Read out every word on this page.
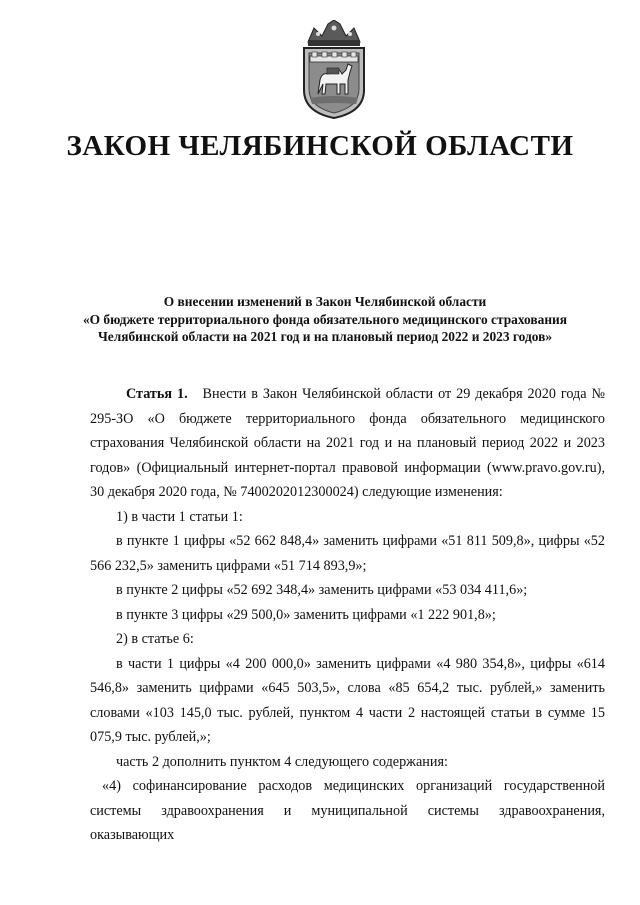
ЗАКОН ЧЕЛЯБИНСКОЙ ОБЛАСТИ
О внесении изменений в Закон Челябинской области
«О бюджете территориального фонда обязательного медицинского страхования
Челябинской области на 2021 год и на плановый период 2022 и 2023 годов»

Статья 1. Внести в Закон Челябинской области от 29 декабря 2020 года № 295-ЗО «О бюджете территориального фонда обязательного медицинского страхования Челябинской области на 2021 год и на плановый период 2022 и 2023 годов» (Официальный интернет-портал правовой информации (www.pravo.gov.ru), 30 декабря 2020 года, № 7400202012300024) следующие изменения:

1) в части 1 статьи 1:

в пункте 1 цифры «52 662 848,4» заменить цифрами «51 811 509,8», цифры «52 566 232,5» заменить цифрами «51 714 893,9»;

в пункте 2 цифры «52 692 348,4» заменить цифрами «53 034 411,6»;

в пункте 3 цифры «29 500,0» заменить цифрами «1 222 901,8»;

2) в статье 6:

в части 1 цифры «4 200 000,0» заменить цифрами «4 980 354,8», цифры «614 546,8» заменить цифрами «645 503,5», слова «85 654,2 тыс. рублей,» заменить словами «103 145,0 тыс. рублей, пунктом 4 части 2 настоящей статьи в сумме 15 075,9 тыс. рублей,»;

часть 2 дополнить пунктом 4 следующего содержания:

«4) софинансирование расходов медицинских организаций государственной системы здравоохранения и муниципальной системы здравоохранения, оказывающих
